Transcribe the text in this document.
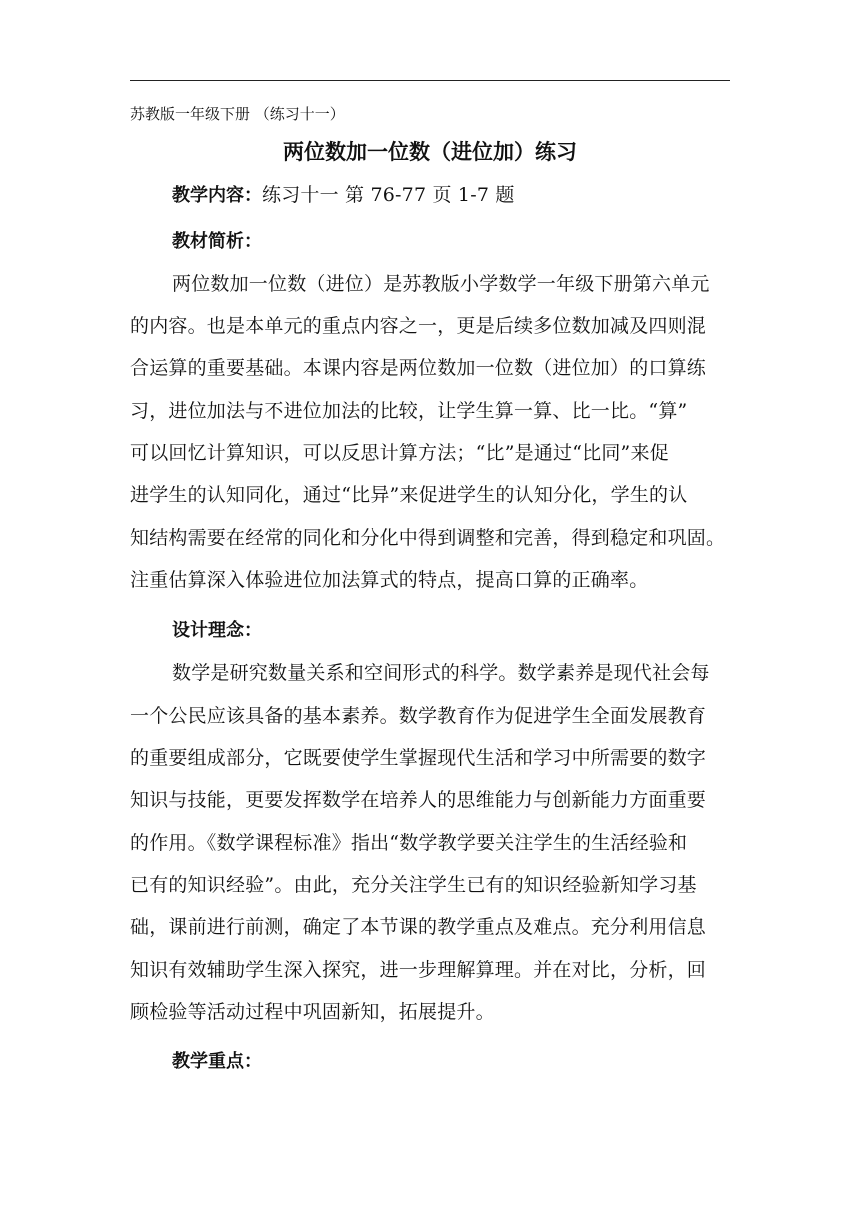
苏教版一年级下册 （练习十一）
两位数加一位数（进位加）练习
教学内容：练习十一 第 76-77 页 1-7 题
教材简析：
两位数加一位数（进位）是苏教版小学数学一年级下册第六单元
的内容。也是本单元的重点内容之一，更是后续多位数加减及四则混
合运算的重要基础。本课内容是两位数加一位数（进位加）的口算练
习，进位加法与不进位加法的比较，让学生算一算、比一比。“算”
可以回忆计算知识，可以反思计算方法；“比”是通过“比同”来促
进学生的认知同化，通过“比异”来促进学生的认知分化，学生的认
知结构需要在经常的同化和分化中得到调整和完善，得到稳定和巩固。
注重估算深入体验进位加法算式的特点，提高口算的正确率。
设计理念：
数学是研究数量关系和空间形式的科学。数学素养是现代社会每
一个公民应该具备的基本素养。数学教育作为促进学生全面发展教育
的重要组成部分，它既要使学生掌握现代生活和学习中所需要的数字
知识与技能，更要发挥数学在培养人的思维能力与创新能力方面重要
的作用。《数学课程标准》指出“数学教学要关注学生的生活经验和
已有的知识经验”。由此，充分关注学生已有的知识经验新知学习基
础，课前进行前测，确定了本节课的教学重点及难点。充分利用信息
知识有效辅助学生深入探究，进一步理解算理。并在对比，分析，回
顾检验等活动过程中巩固新知，拓展提升。
教学重点：
